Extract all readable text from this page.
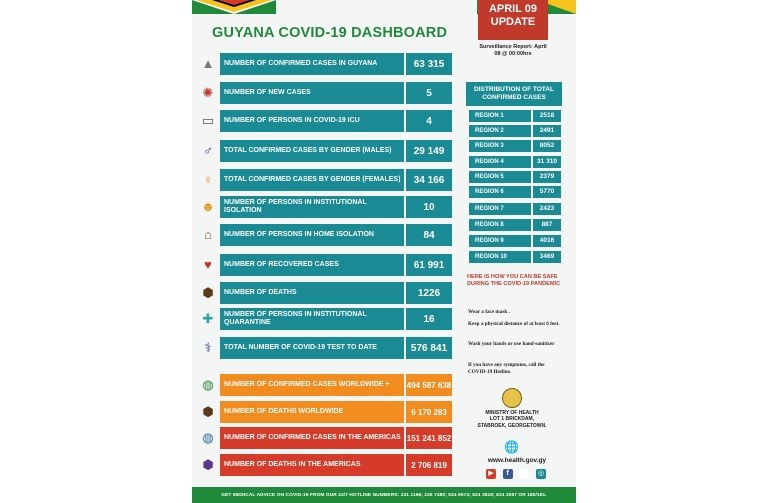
APRIL 09
UPDATE
Surveillance Report- April 08 @ 00:00hrs
GUYANA COVID-19 DASHBOARD
▲	NUMBER OF CONFIRMED CASES IN GUYANA	63 315
✺	NUMBER OF NEW CASES	5
▭	NUMBER OF PERSONS IN COVID-19 ICU	4
♂	TOTAL CONFIRMED CASES BY GENDER (MALES)	29 149
♀	TOTAL CONFIRMED CASES BY GENDER (FEMALES)	34 166
☻	NUMBER OF PERSONS IN INSTITUTIONAL ISOLATION	10
⌂	NUMBER OF PERSONS IN HOME ISOLATION	84
♥	NUMBER OF RECOVERED CASES	61 991
⬢	NUMBER OF DEATHS	1226
✚	NUMBER OF PERSONS IN INSTITUTIONAL QUARANTINE	16
⚕	TOTAL NUMBER OF COVID-19 TEST TO DATE	576 841
◍	NUMBER OF CONFIRMED CASES WORLDWIDE +	494 587 638
⬢	NUMBER OF DEATHS WORLDWIDE	6 170 283
◍	NUMBER OF CONFIRMED CASES IN THE AMERICAS 151 241 852
⬢	NUMBER OF DEATHS IN THE AMERICAS	2 706 819
DISTRIBUTION OF TOTAL CONFIRMED CASES
REGION 1	2518
REGION 2	2491
REGION 3	8052
REGION 4	31 310
REGION 5	2379
REGION 6	5770
REGION 7	2423
REGION 8	887
REGION 9	4016
REGION 10	3469
HERE IS HOW YOU CAN BE SAFE DURING THE COVID-19 PANDEMIC
Wear a face mask .
Keep a physical distance of at least 6 feet.
Wash your hands or use hand-sanitizer
If you have any symptoms, call the COVID-19 Hotline.
MINISTRY OF HEALTH
LOT 1 BRICKDAM, STABROEK, GEORGETOWN.
🌐
www.health.gov.gy
▶	f	·	◎
GET MEDICAL ADVICE ON COVID-19 FROM OUR 24/7 HOTLINE NUMBERS: 231 1166; 226 7480; 624 6674; 624 3819; 624 3067 OR 180/181.
